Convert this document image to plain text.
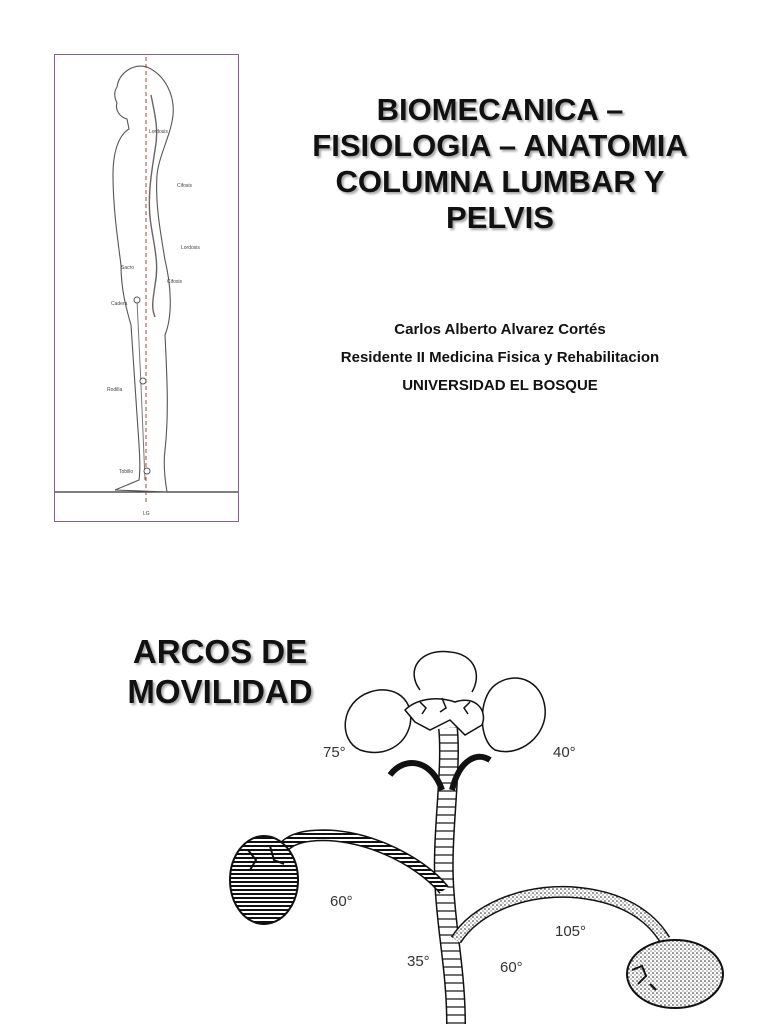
Lordosis
Cifosis
Lordosis
Sacro
Cifosis
Cadera
Rodilla
Tobillo
LG
BIOMECANICA –
FISIOLOGIA – ANATOMIA
COLUMNA LUMBAR Y
PELVIS
Carlos Alberto Alvarez Cortés
Residente II Medicina Fisica y Rehabilitacion
UNIVERSIDAD EL BOSQUE
ARCOS DE
MOVILIDAD
75°	40°
60°
35°	60°
105°
